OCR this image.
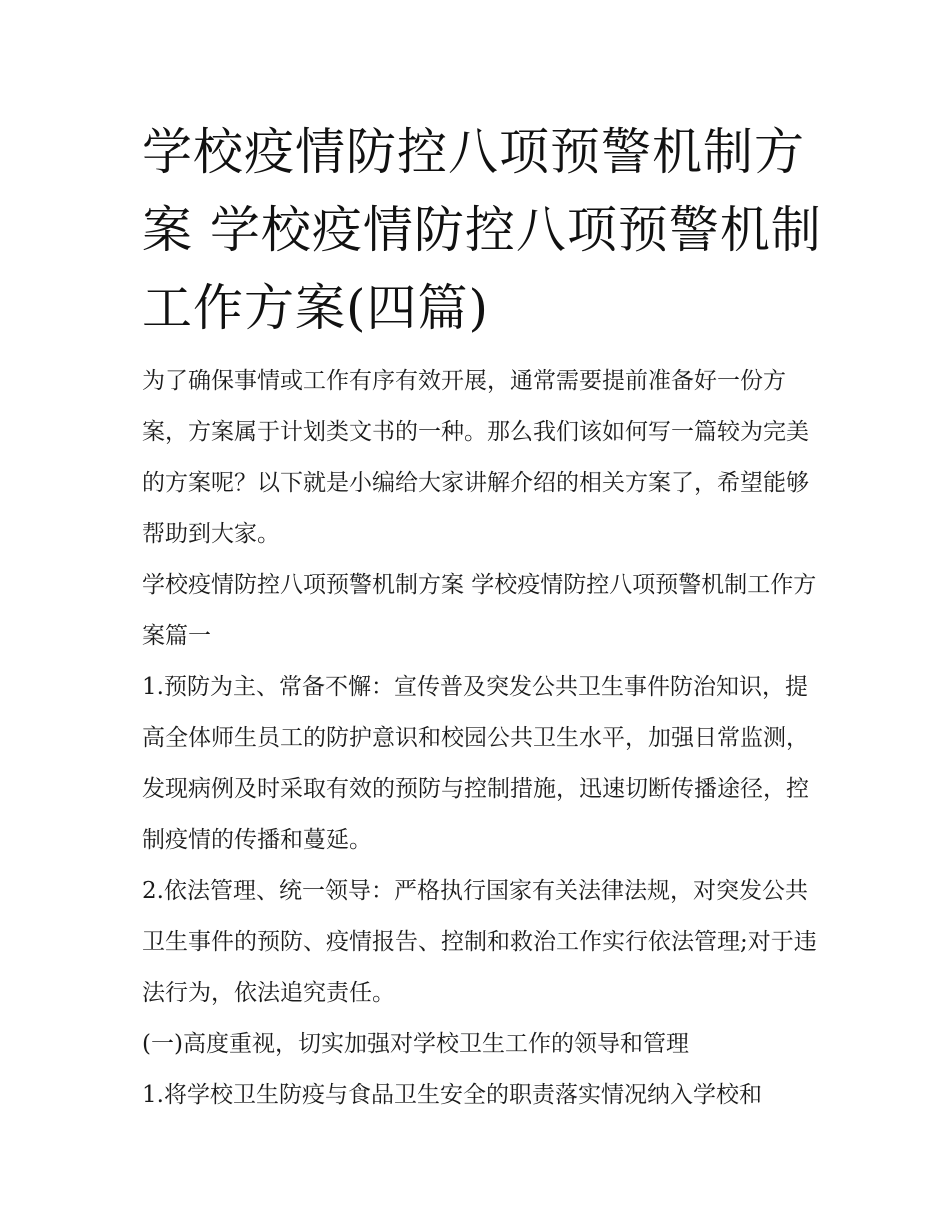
学校疫情防控八项预警机制方案 学校疫情防控八项预警机制工作方案(四篇)

为了确保事情或工作有序有效开展，通常需要提前准备好一份方案，方案属于计划类文书的一种。那么我们该如何写一篇较为完美的方案呢？以下就是小编给大家讲解介绍的相关方案了，希望能够帮助到大家。

学校疫情防控八项预警机制方案 学校疫情防控八项预警机制工作方案篇一

1.预防为主、常备不懈：宣传普及突发公共卫生事件防治知识，提高全体师生员工的防护意识和校园公共卫生水平，加强日常监测，发现病例及时采取有效的预防与控制措施，迅速切断传播途径，控制疫情的传播和蔓延。

2.依法管理、统一领导：严格执行国家有关法律法规，对突发公共卫生事件的预防、疫情报告、控制和救治工作实行依法管理;对于违法行为，依法追究责任。

(一)高度重视，切实加强对学校卫生工作的领导和管理

1.将学校卫生防疫与食品卫生安全的职责落实情况纳入学校和
